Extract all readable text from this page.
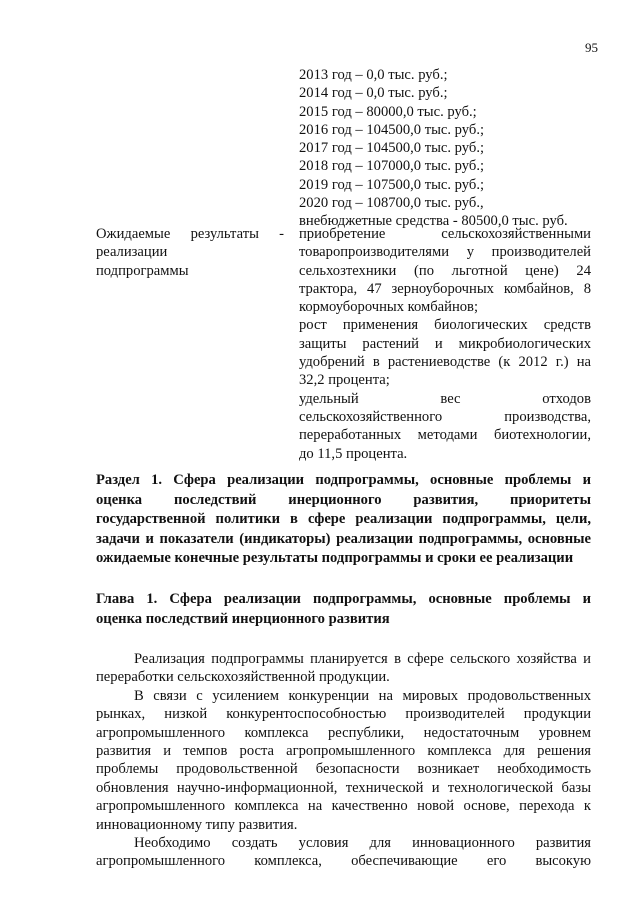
95
2013 год – 0,0 тыс. руб.;
2014 год – 0,0 тыс. руб.;
2015 год – 80000,0 тыс. руб.;
2016 год – 104500,0 тыс. руб.;
2017 год – 104500,0 тыс. руб.;
2018 год – 107000,0 тыс. руб.;
2019 год – 107500,0 тыс. руб.;
2020 год – 108700,0 тыс. руб.,
внебюджетные средства - 80500,0 тыс. руб.
Ожидаемые результаты -
реализации
подпрограммы
приобретение сельскохозяйственными
товаропроизводителями у производителей
сельхозтехники (по льготной цене) 24
трактора, 47 зерноуборочных комбайнов, 8
кормоуборочных комбайнов;
рост применения биологических средств
защиты растений и микробиологических
удобрений в растениеводстве (к 2012 г.) на
32,2 процента;
удельный вес отходов
сельскохозяйственного производства,
переработанных методами биотехнологии,
до 11,5 процента.
Раздел 1. Сфера реализации подпрограммы, основные проблемы и
оценка последствий инерционного развития, приоритеты
государственной политики в сфере реализации подпрограммы, цели,
задачи и показатели (индикаторы) реализации подпрограммы, основные
ожидаемые конечные результаты подпрограммы и сроки ее реализации
Глава 1. Сфера реализации подпрограммы, основные проблемы и
оценка последствий инерционного развития
Реализация подпрограммы планируется в сфере сельского хозяйства и
переработки сельскохозяйственной продукции.
В связи с усилением конкуренции на мировых продовольственных
рынках, низкой конкурентоспособностью производителей продукции
агропромышленного комплекса республики, недостаточным уровнем
развития и темпов роста агропромышленного комплекса для решения
проблемы продовольственной безопасности возникает необходимость
обновления научно-информационной, технической и технологической базы
агропромышленного комплекса на качественно новой основе, перехода к
инновационному типу развития.
Необходимо создать условия для инновационного развития
агропромышленного комплекса, обеспечивающие его высокую
